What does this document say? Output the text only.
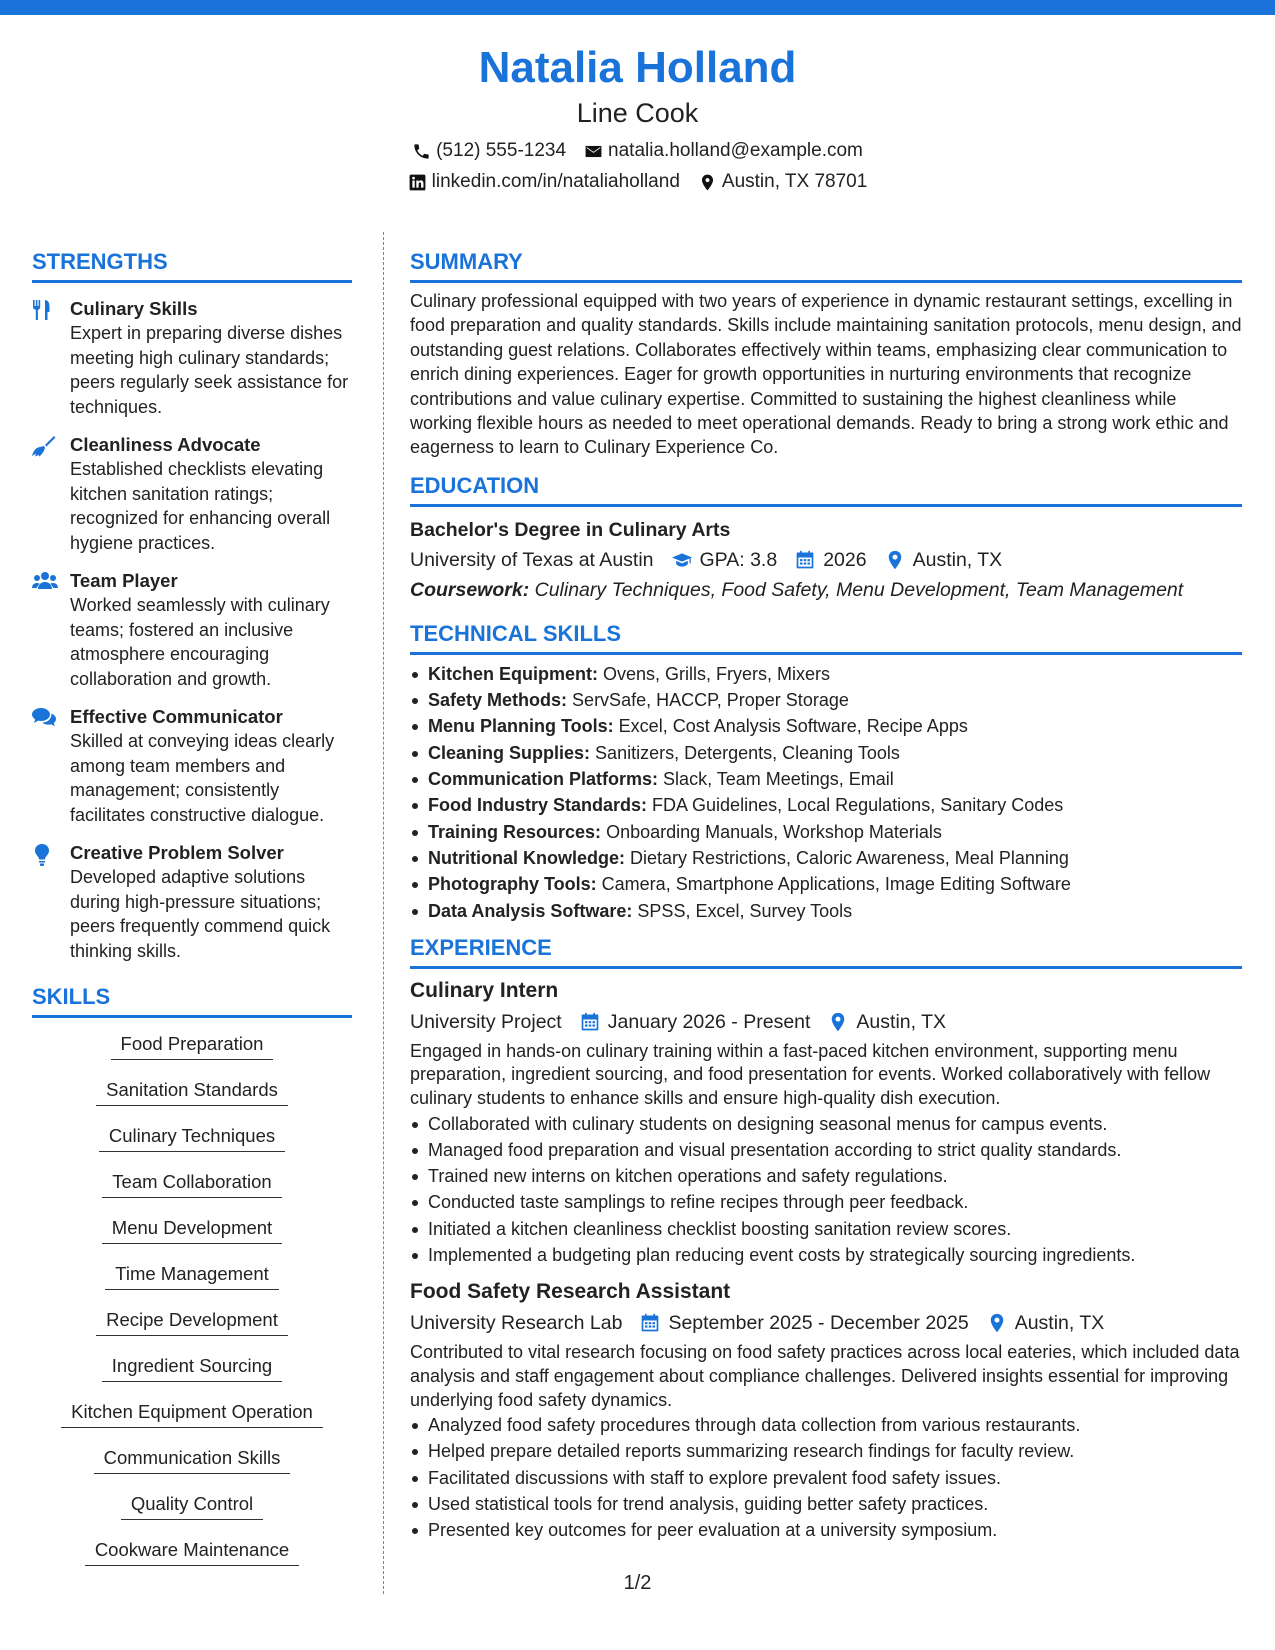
Natalia Holland
Line Cook
(512) 555-1234 natalia.holland@example.com
linkedin.com/in/nataliaholland Austin, TX 78701
STRENGTHS
Culinary Skills
Expert in preparing diverse dishes meeting high culinary standards; peers regularly seek assistance for techniques.
Cleanliness Advocate
Established checklists elevating kitchen sanitation ratings; recognized for enhancing overall hygiene practices.
Team Player
Worked seamlessly with culinary teams; fostered an inclusive atmosphere encouraging collaboration and growth.
Effective Communicator
Skilled at conveying ideas clearly among team members and management; consistently facilitates constructive dialogue.
Creative Problem Solver
Developed adaptive solutions during high-pressure situations; peers frequently commend quick thinking skills.
SKILLS
Food Preparation
Sanitation Standards
Culinary Techniques
Team Collaboration
Menu Development
Time Management
Recipe Development
Ingredient Sourcing
Kitchen Equipment Operation
Communication Skills
Quality Control
Cookware Maintenance
SUMMARY
Culinary professional equipped with two years of experience in dynamic restaurant settings, excelling in food preparation and quality standards. Skills include maintaining sanitation protocols, menu design, and outstanding guest relations. Collaborates effectively within teams, emphasizing clear communication to enrich dining experiences. Eager for growth opportunities in nurturing environments that recognize contributions and value culinary expertise. Committed to sustaining the highest cleanliness while working flexible hours as needed to meet operational demands. Ready to bring a strong work ethic and eagerness to learn to Culinary Experience Co.
EDUCATION
Bachelor's Degree in Culinary Arts
University of Texas at Austin GPA: 3.8 2026 Austin, TX
Coursework: Culinary Techniques, Food Safety, Menu Development, Team Management
TECHNICAL SKILLS
Kitchen Equipment: Ovens, Grills, Fryers, Mixers
Safety Methods: ServSafe, HACCP, Proper Storage
Menu Planning Tools: Excel, Cost Analysis Software, Recipe Apps
Cleaning Supplies: Sanitizers, Detergents, Cleaning Tools
Communication Platforms: Slack, Team Meetings, Email
Food Industry Standards: FDA Guidelines, Local Regulations, Sanitary Codes
Training Resources: Onboarding Manuals, Workshop Materials
Nutritional Knowledge: Dietary Restrictions, Caloric Awareness, Meal Planning
Photography Tools: Camera, Smartphone Applications, Image Editing Software
Data Analysis Software: SPSS, Excel, Survey Tools
EXPERIENCE
Culinary Intern
University Project January 2026 - Present Austin, TX
Engaged in hands-on culinary training within a fast-paced kitchen environment, supporting menu preparation, ingredient sourcing, and food presentation for events. Worked collaboratively with fellow culinary students to enhance skills and ensure high-quality dish execution.
Collaborated with culinary students on designing seasonal menus for campus events.
Managed food preparation and visual presentation according to strict quality standards.
Trained new interns on kitchen operations and safety regulations.
Conducted taste samplings to refine recipes through peer feedback.
Initiated a kitchen cleanliness checklist boosting sanitation review scores.
Implemented a budgeting plan reducing event costs by strategically sourcing ingredients.
Food Safety Research Assistant
University Research Lab September 2025 - December 2025 Austin, TX
Contributed to vital research focusing on food safety practices across local eateries, which included data analysis and staff engagement about compliance challenges. Delivered insights essential for improving underlying food safety dynamics.
Analyzed food safety procedures through data collection from various restaurants.
Helped prepare detailed reports summarizing research findings for faculty review.
Facilitated discussions with staff to explore prevalent food safety issues.
Used statistical tools for trend analysis, guiding better safety practices.
Presented key outcomes for peer evaluation at a university symposium.
1/2
